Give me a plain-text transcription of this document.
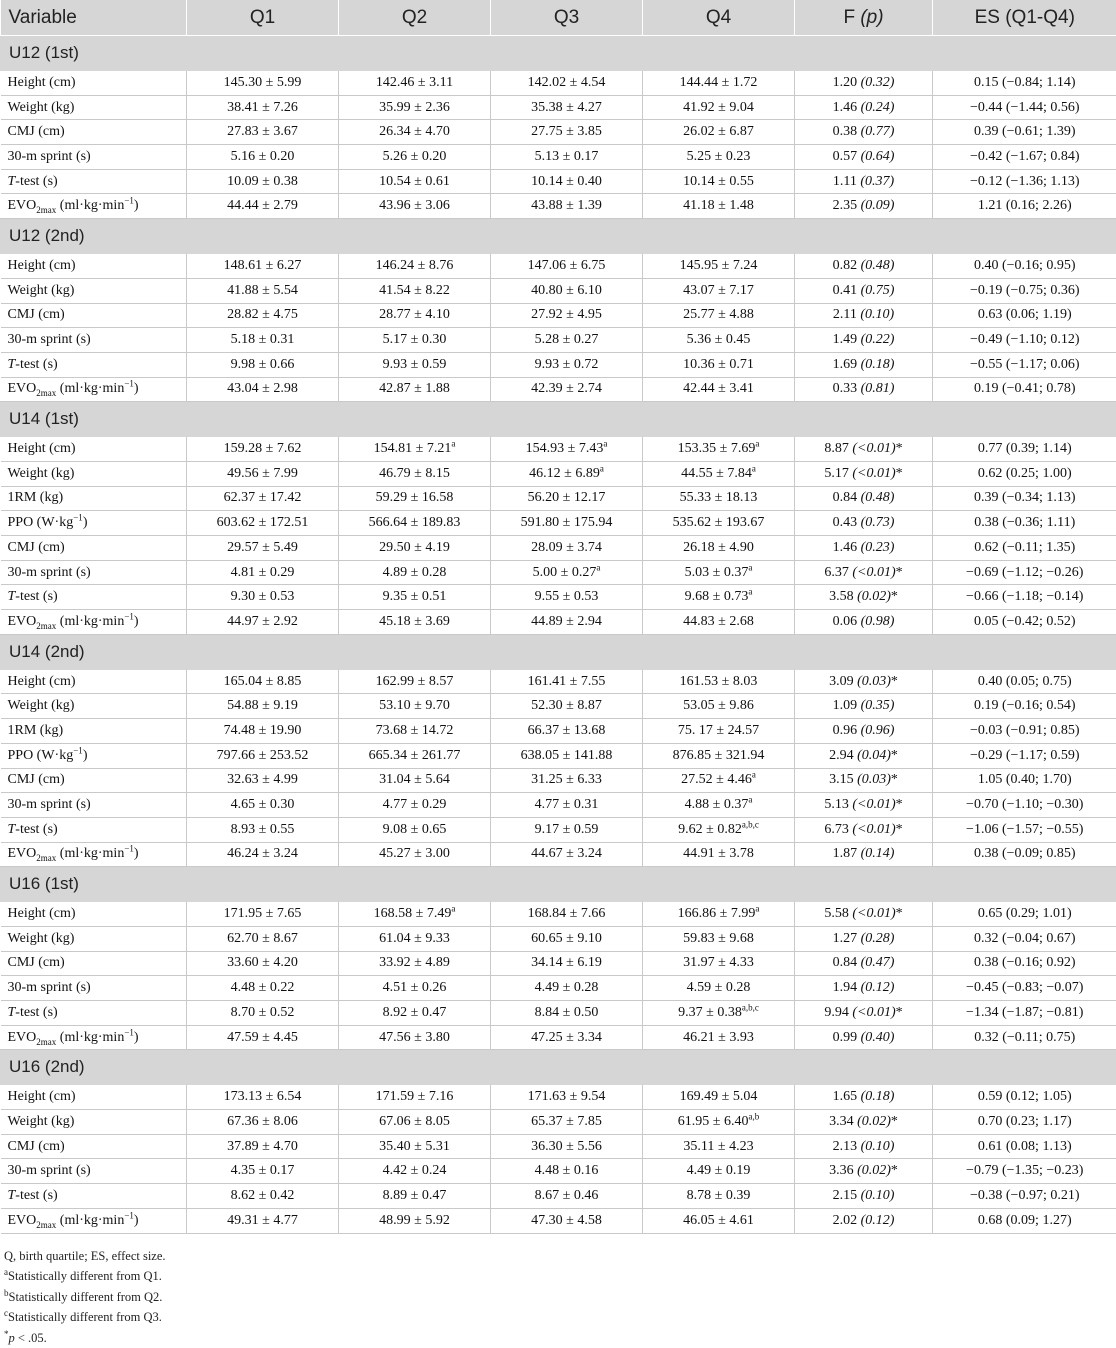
Variable	Q1	Q2	Q3	Q4	F (p)	ES (Q1-Q4)
U12 (1st)						
Height (cm)	145.30 ± 5.99	142.46 ± 3.11	142.02 ± 4.54	144.44 ± 1.72	1.20 (0.32)	0.15 (−0.84; 1.14)
Weight (kg)	38.41 ± 7.26	35.99 ± 2.36	35.38 ± 4.27	41.92 ± 9.04	1.46 (0.24)	−0.44 (−1.44; 0.56)
CMJ (cm)	27.83 ± 3.67	26.34 ± 4.70	27.75 ± 3.85	26.02 ± 6.87	0.38 (0.77)	0.39 (−0.61; 1.39)
30-m sprint (s)	5.16 ± 0.20	5.26 ± 0.20	5.13 ± 0.17	5.25 ± 0.23	0.57 (0.64)	−0.42 (−1.67; 0.84)
T-test (s)	10.09 ± 0.38	10.54 ± 0.61	10.14 ± 0.40	10.14 ± 0.55	1.11 (0.37)	−0.12 (−1.36; 1.13)
$EVO_{2max}$ $(ml\cdot kg\cdot\min^{-1})$	44.44 ± 2.79	43.96 ± 3.06	43.88 ± 1.39	41.18 ± 1.48	2.35 (0.09)	1.21 (0.16; 2.26)
U12 (2nd)						
Height (cm)	148.61 ± 6.27	146.24 ± 8.76	147.06 ± 6.75	145.95 ± 7.24	0.82 (0.48)	0.40 (−0.16; 0.95)
Weight (kg)	41.88 ± 5.54	41.54 ± 8.22	40.80 ± 6.10	43.07 ± 7.17	0.41 (0.75)	−0.19 (−0.75; 0.36)
CMJ (cm)	28.82 ± 4.75	28.77 ± 4.10	27.92 ± 4.95	25.77 ± 4.88	2.11 (0.10)	0.63 (0.06; 1.19)
30-m sprint (s)	5.18 ± 0.31	5.17 ± 0.30	5.28 ± 0.27	5.36 ± 0.45	1.49 (0.22)	−0.49 (−1.10; 0.12)
T-test (s)	9.98 ± 0.66	9.93 ± 0.59	9.93 ± 0.72	10.36 ± 0.71	1.69 (0.18)	−0.55 (−1.17; 0.06)
$EVO_{2max}$ $(ml\cdot kg\cdot\min^{-1})$	43.04 ± 2.98	42.87 ± 1.88	42.39 ± 2.74	42.44 ± 3.41	0.33 (0.81)	0.19 (−0.41; 0.78)
U14 (1st)						
Height (cm)	159.28 ± 7.62	154.81 ± 7.21$^a$	154.93 ± 7.43$^a$	153.35 ± 7.69$^a$	8.87 (<0.01)*	0.77 (0.39; 1.14)
Weight (kg)	49.56 ± 7.99	46.79 ± 8.15	46.12 ± 6.89$^a$	44.55 ± 7.84$^a$	5.17 (<0.01)*	0.62 (0.25; 1.00)
1RM (kg)	62.37 ± 17.42	59.29 ± 16.58	56.20 ± 12.17	55.33 ± 18.13	0.84 (0.48)	0.39 (−0.34; 1.13)
PPO $(W\cdot kg^{-1})$	603.62 ± 172.51	566.64 ± 189.83	591.80 ± 175.94	535.62 ± 193.67	0.43 (0.73)	0.38 (−0.36; 1.11)
CMJ (cm)	29.57 ± 5.49	29.50 ± 4.19	28.09 ± 3.74	26.18 ± 4.90	1.46 (0.23)	0.62 (−0.11; 1.35)
30-m sprint (s)	4.81 ± 0.29	4.89 ± 0.28	5.00 ± 0.27$^a$	5.03 ± 0.37$^a$	6.37 (<0.01)*	−0.69 (−1.12; −0.26)
T-test (s)	9.30 ± 0.53	9.35 ± 0.51	9.55 ± 0.53	9.68 ± 0.73$^a$	3.58 (0.02)*	−0.66 (−1.18; −0.14)
$EVO_{2max}$ $(ml\cdot kg\cdot\min^{-1})$	44.97 ± 2.92	45.18 ± 3.69	44.89 ± 2.94	44.83 ± 2.68	0.06 (0.98)	0.05 (−0.42; 0.52)
U14 (2nd)						
Height (cm)	165.04 ± 8.85	162.99 ± 8.57	161.41 ± 7.55	161.53 ± 8.03	3.09 (0.03)*	0.40 (0.05; 0.75)
Weight (kg)	54.88 ± 9.19	53.10 ± 9.70	52.30 ± 8.87	53.05 ± 9.86	1.09 (0.35)	0.19 (−0.16; 0.54)
1RM (kg)	74.48 ± 19.90	73.68 ± 14.72	66.37 ± 13.68	75. 17 ± 24.57	0.96 (0.96)	−0.03 (−0.91; 0.85)
PPO $(W\cdot kg^{-1})$	797.66 ± 253.52	665.34 ± 261.77	638.05 ± 141.88	876.85 ± 321.94	2.94 (0.04)*	−0.29 (−1.17; 0.59)
CMJ (cm)	32.63 ± 4.99	31.04 ± 5.64	31.25 ± 6.33	27.52 ± 4.46$^a$	3.15 (0.03)*	1.05 (0.40; 1.70)
30-m sprint (s)	4.65 ± 0.30	4.77 ± 0.29	4.77 ± 0.31	4.88 ± 0.37$^a$	5.13 (<0.01)*	−0.70 (−1.10; −0.30)
T-test (s)	8.93 ± 0.55	9.08 ± 0.65	9.17 ± 0.59	$9.62 \pm 0.82^{a,b,c}$	6.73 (<0.01)*	−1.06 (−1.57; −0.55)
$EVO_{2max}$ $(ml\cdot kg\cdot\min^{-1})$	46.24 ± 3.24	45.27 ± 3.00	44.67 ± 3.24	44.91 ± 3.78	1.87 (0.14)	0.38 (−0.09; 0.85)
U16 (1st)						
Height (cm)	171.95 ± 7.65	168.58 ± 7.49$^a$	168.84 ± 7.66	166.86 ± 7.99$^a$	5.58 (<0.01)*	0.65 (0.29; 1.01)
Weight (kg)	62.70 ± 8.67	61.04 ± 9.33	60.65 ± 9.10	59.83 ± 9.68	1.27 (0.28)	0.32 (−0.04; 0.67)
CMJ (cm)	33.60 ± 4.20	33.92 ± 4.89	34.14 ± 6.19	31.97 ± 4.33	0.84 (0.47)	0.38 (−0.16; 0.92)
30-m sprint (s)	4.48 ± 0.22	4.51 ± 0.26	4.49 ± 0.28	4.59 ± 0.28	1.94 (0.12)	−0.45 (−0.83; −0.07)
T-test (s)	8.70 ± 0.52	8.92 ± 0.47	8.84 ± 0.50	$9.37 \pm 0.38^{a,b,c}$	9.94 (<0.01)*	−1.34 (−1.87; −0.81)
$EVO_{2max}$ $(ml\cdot kg\cdot\min^{-1})$	47.59 ± 4.45	47.56 ± 3.80	47.25 ± 3.34	46.21 ± 3.93	0.99 (0.40)	0.32 (−0.11; 0.75)
U16 (2nd)						
Height (cm)	173.13 ± 6.54	171.59 ± 7.16	171.63 ± 9.54	169.49 ± 5.04	1.65 (0.18)	0.59 (0.12; 1.05)
Weight (kg)	67.36 ± 8.06	67.06 ± 8.05	65.37 ± 7.85	$61.95 \pm 6.40^{a,b}$	3.34 (0.02)*	0.70 (0.23; 1.17)
CMJ (cm)	37.89 ± 4.70	35.40 ± 5.31	36.30 ± 5.56	35.11 ± 4.23	2.13 (0.10)	0.61 (0.08; 1.13)
30-m sprint (s)	4.35 ± 0.17	4.42 ± 0.24	4.48 ± 0.16	4.49 ± 0.19	3.36 (0.02)*	−0.79 (−1.35; −0.23)
T-test (s)	8.62 ± 0.42	8.89 ± 0.47	8.67 ± 0.46	8.78 ± 0.39	2.15 (0.10)	−0.38 (−0.97; 0.21)
$EVO_{2max}$ $(ml\cdot kg\cdot\min^{-1})$	49.31 ± 4.77	48.99 ± 5.92	47.30 ± 4.58	46.05 ± 4.61	2.02 (0.12)	0.68 (0.09; 1.27)
Q, birth quartile; ES, effect size.
$^a$Statistically different from Q1.
$^b$Statistically different from Q2.
$^c$Statistically different from Q3.
*p < .05.
